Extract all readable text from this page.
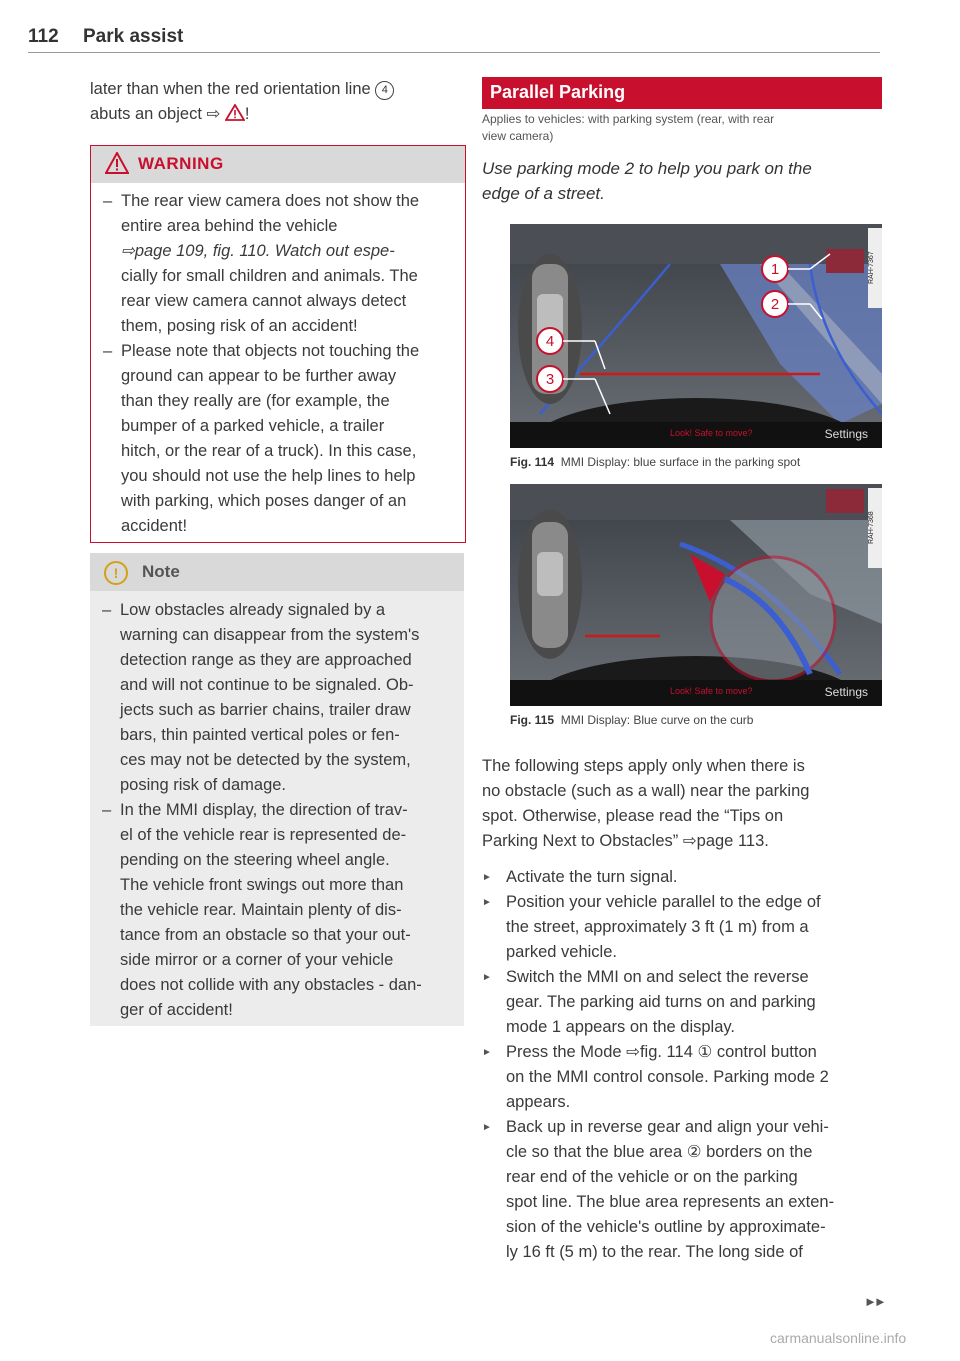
112 Park assist
later than when the red orientation line 4
abuts an object ⇨ !
WARNING
– The rear view camera does not show the
entire area behind the vehicle
⇨page 109, fig. 110. Watch out espe-
cially for small children and animals. The
rear view camera cannot always detect
them, posing risk of an accident!
– Please note that objects not touching the
ground can appear to be further away
than they really are (for example, the
bumper of a parked vehicle, a trailer
hitch, or the rear of a truck). In this case,
you should not use the help lines to help
with parking, which poses danger of an
accident!
!	Note
– Low obstacles already signaled by a
warning can disappear from the system's
detection range as they are approached
and will not continue to be signaled. Ob-
jects such as barrier chains, trailer draw
bars, thin painted vertical poles or fen-
ces may not be detected by the system,
posing risk of damage.
– In the MMI display, the direction of trav-
el of the vehicle rear is represented de-
pending on the steering wheel angle.
The vehicle front swings out more than
the vehicle rear. Maintain plenty of dis-
tance from an obstacle so that your out-
side mirror or a corner of your vehicle
does not collide with any obstacles - dan-
ger of accident!
Parallel Parking
Applies to vehicles: with parking system (rear, with rear
view camera)
Use parking mode 2 to help you park on the
edge of a street.
1
2
4
3
RAH-7367
Look! Safe to move?	Settings
Fig. 114 MMI Display: blue surface in the parking spot
RAH-7368
Look! Safe to move?	Settings
Fig. 115 MMI Display: Blue curve on the curb
The following steps apply only when there is
no obstacle (such as a wall) near the parking
spot. Otherwise, please read the “Tips on
Parking Next to Obstacles” ⇨page 113.
► Activate the turn signal.
► Position your vehicle parallel to the edge of
the street, approximately 3 ft (1 m) from a
parked vehicle.
► Switch the MMI on and select the reverse
gear. The parking aid turns on and parking
mode 1 appears on the display.
► Press the Mode ⇨fig. 114 ① control button
on the MMI control console. Parking mode 2
appears.
► Back up in reverse gear and align your vehi-
cle so that the blue area ② borders on the
rear end of the vehicle or on the parking
spot line. The blue area represents an exten-
sion of the vehicle's outline by approximate-
ly 16 ft (5 m) to the rear. The long side of
►►
carmanualsonline.info
